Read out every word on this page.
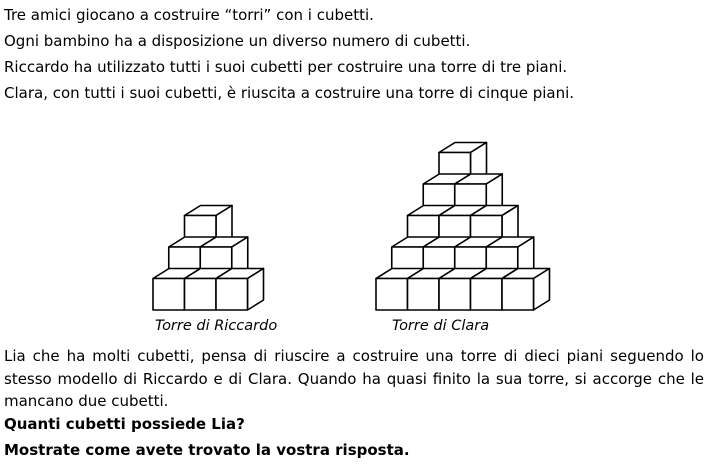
Tre amici giocano a costruire “torri” con i cubetti.

Ogni bambino ha a disposizione un diverso numero di cubetti.

Riccardo ha utilizzato tutti i suoi cubetti per costruire una torre di tre piani.

Clara, con tutti i suoi cubetti, è riuscita a costruire una torre di cinque piani.

Torre di Riccardo	Torre di Clara

Lia che ha molti cubetti, pensa di riuscire a costruire una torre di dieci piani seguendo lo stesso modello di Riccardo e di Clara. Quando ha quasi finito la sua torre, si accorge che le mancano due cubetti.

Quanti cubetti possiede Lia?

Mostrate come avete trovato la vostra risposta.
